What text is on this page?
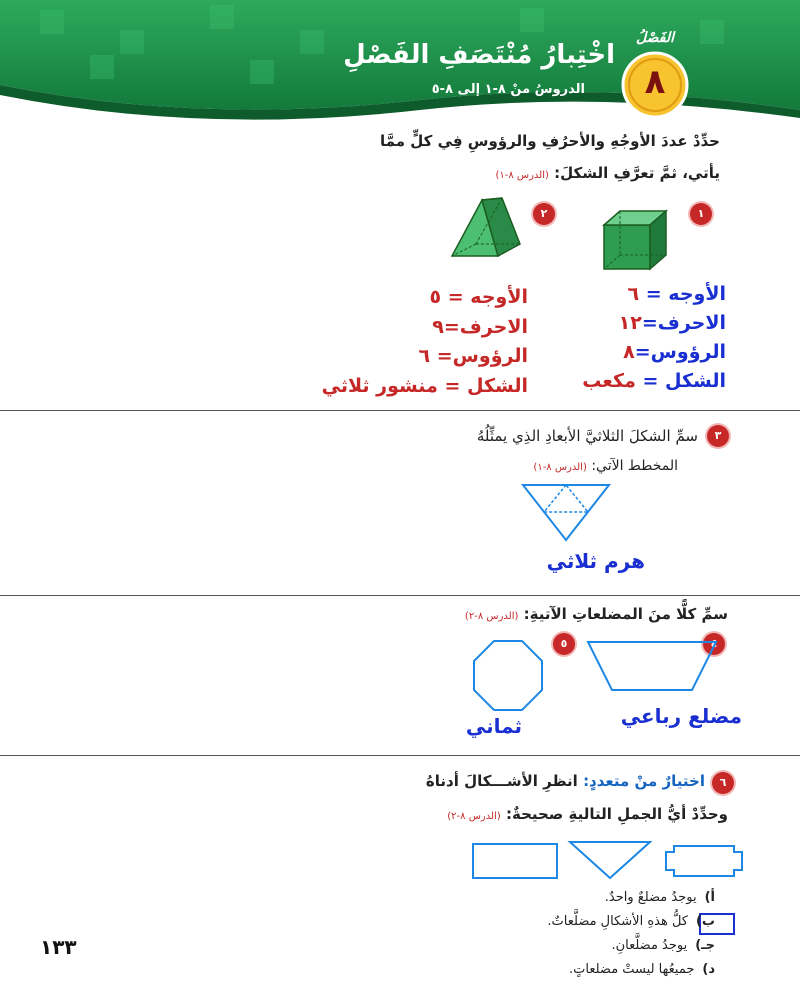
الفَصْلُ
٨
اخْتِبارُ مُنْتَصَفِ الفَصْلِ
الدروسُ منْ ٨-١ إلى ٨-٥
حدِّدْ عددَ الأوجُهِ والأحرُفِ والرؤوسِ فِي كلٍّ ممَّا
يأتي، ثمَّ تعرَّفِ الشكلَ: (الدرس ٨-١)
١
٢
الأوجه = ٦
الاحرف=١٢
الرؤوس=٨
الشكل = مكعب
الأوجه = ٥
الاحرف=٩
الرؤوس= ٦
الشكل = منشور ثلاثي
٣
سمِّ الشكلَ الثلاثيَّ الأبعادِ الذِي يمثِّلُهُ
المخطط الآتي: (الدرس ٨-١)
هرم ثلاثي
سمِّ كلًّا منَ المضلعاتِ الآتيةِ: (الدرس ٨-٢)
٤
٥
مضلع رباعي
ثماني
٦
اختيارٌ منْ متعددٍ: انظرِ الأشـــكالَ أدناهُ
وحدِّدْ أيُّ الجملِ التاليةِ صحيحةٌ: (الدرس ٨-٢)
أ)يوجدُ مضلعٌ واحدٌ.
ب)كلُّ هذهِ الأشكالِ مضلَّعاتٌ.
جـ)يوجدُ مضلَّعانِ.
د)جميعُها ليستْ مضلعاتٍ.
١٣٣
